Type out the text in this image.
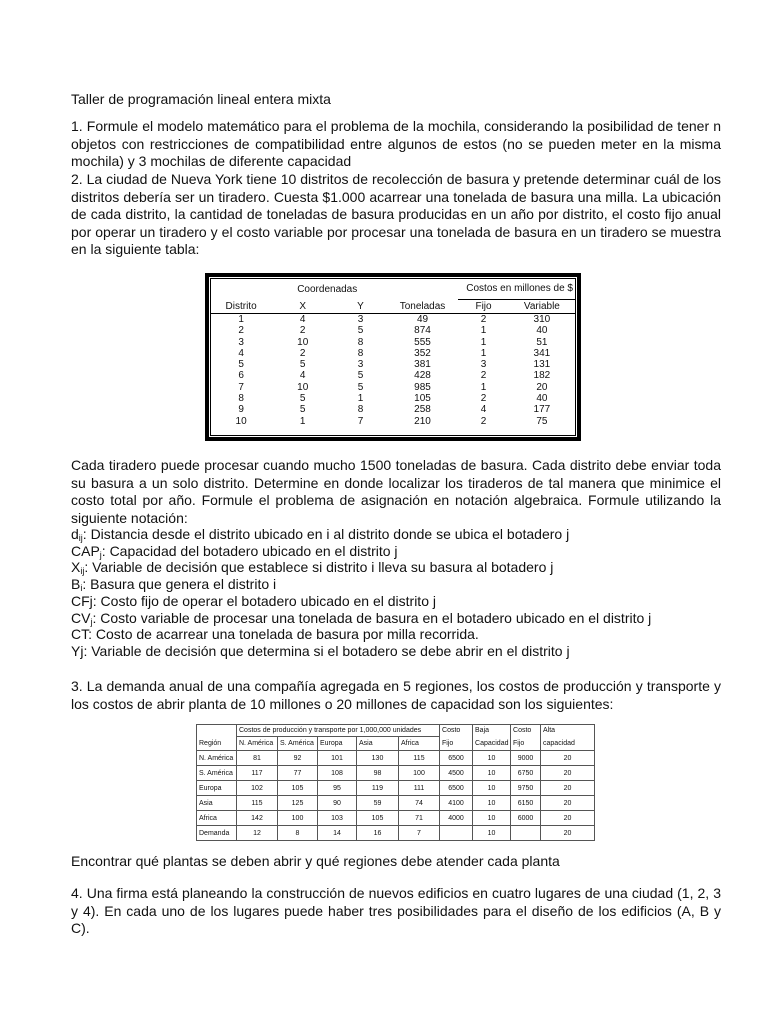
Taller de programación lineal entera mixta

1. Formule el modelo matemático para el problema de la mochila, considerando la posibilidad de tener n objetos con restricciones de compatibilidad entre algunos de estos (no se pueden meter en la misma mochila) y 3 mochilas de diferente capacidad

2. La ciudad de Nueva York tiene 10 distritos de recolección de basura y pretende determinar cuál de los distritos debería ser un tiradero. Cuesta $1.000 acarrear una tonelada de basura una milla. La ubicación de cada distrito, la cantidad de toneladas de basura producidas en un año por distrito, el costo fijo anual por operar un tiradero y el costo variable por procesar una tonelada de basura en un tiradero se muestra en la siguiente tabla:

	Coordenadas			Costos en millones de $	
Distrito	X	Y	Toneladas	Fijo	Variable
1	4	3	49	2	310
2	2	5	874	1	40
3	10	8	555	1	51
4	2	8	352	1	341
5	5	3	381	3	131
6	4	5	428	2	182
7	10	5	985	1	20
8	5	1	105	2	40
9	5	8	258	4	177
10	1	7	210	2	75

Cada tiradero puede procesar cuando mucho 1500 toneladas de basura. Cada distrito debe enviar toda su basura a un solo distrito. Determine en donde localizar los tiraderos de tal manera que minimice el costo total por año. Formule el problema de asignación en notación algebraica. Formule utilizando la siguiente notación:

$d_{ij}$: Distancia desde el distrito ubicado en i al distrito donde se ubica el botadero j
$CAP_j$: Capacidad del botadero ubicado en el distrito j
$X_{ij}$: Variable de decisión que establece si distrito i lleva su basura al botadero j
$B_i$: Basura que genera el distrito i
CFj: Costo fijo de operar el botadero ubicado en el distrito j
$CV_j$: Costo variable de procesar una tonelada de basura en el botadero ubicado en el distrito j
CT: Costo de acarrear una tonelada de basura por milla recorrida.
Yj: Variable de decisión que determina si el botadero se debe abrir en el distrito j

3. La demanda anual de una compañía agregada en 5 regiones, los costos de producción y transporte y los costos de abrir planta de 10 millones o 20 millones de capacidad son los siguientes:

	Costos de producción y transporte por 1,000,000 unidades					Costo	Baja	Costo	Alta
Región	N. América	S. América	Europa	Asia	Africa	Fijo	Capacidad	Fijo	capacidad
N. América	81	92	101	130	115	6500	10	9000	20
S. América	117	77	108	98	100	4500	10	6750	20
Europa	102	105	95	119	111	6500	10	9750	20
Asia	115	125	90	59	74	4100	10	6150	20
Africa	142	100	103	105	71	4000	10	6000	20
Demanda	12	8	14	16	7		10		20

Encontrar qué plantas se deben abrir y qué regiones debe atender cada planta

4. Una firma está planeando la construcción de nuevos edificios en cuatro lugares de una ciudad (1, 2, 3 y 4). En cada uno de los lugares puede haber tres posibilidades para el diseño de los edificios (A, B y C).
